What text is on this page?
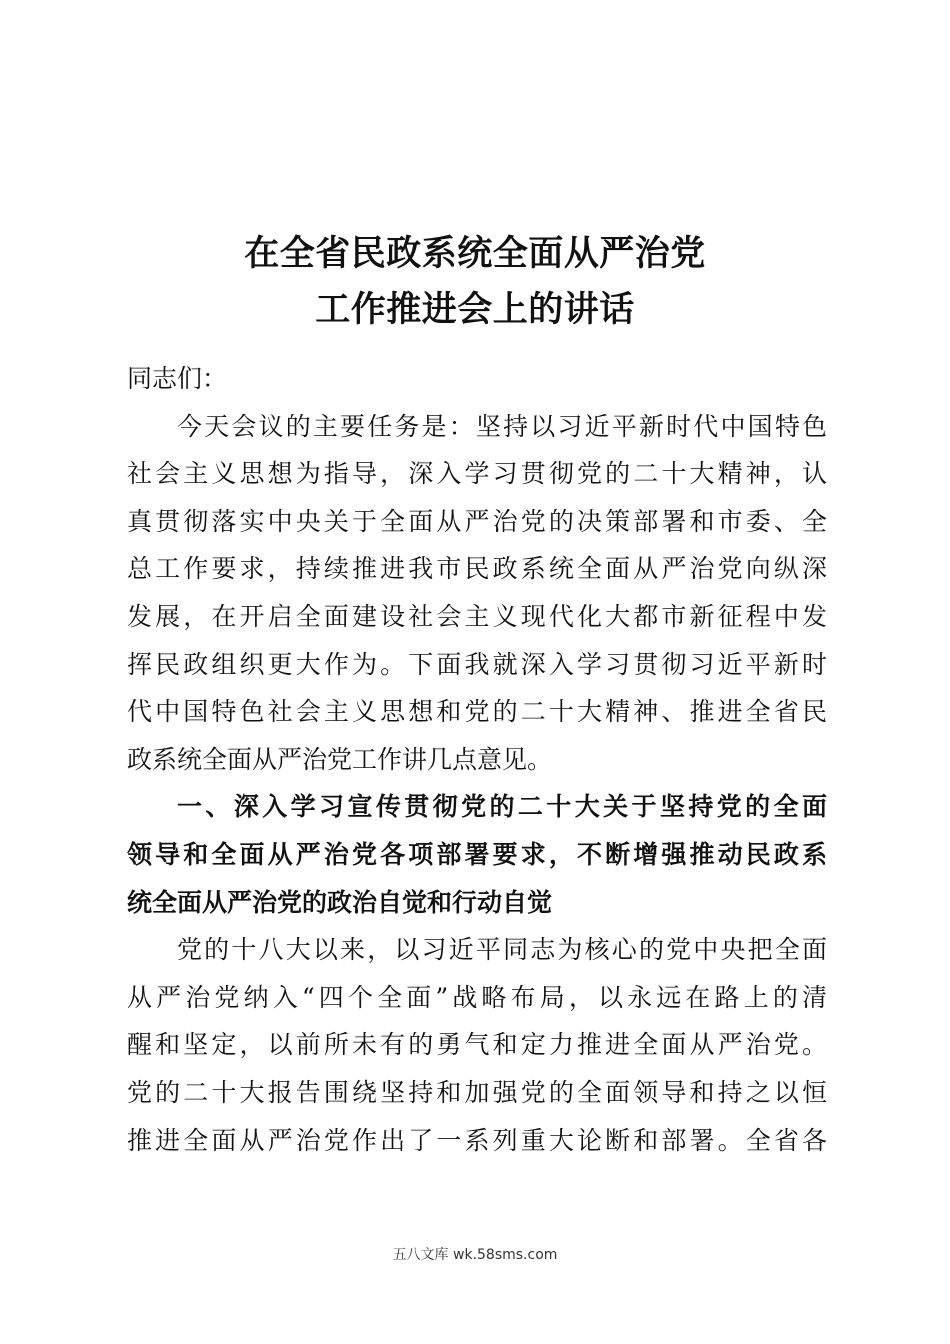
在全省民政系统全面从严治党
工作推进会上的讲话
同志们：
今天会议的主要任务是：坚持以习近平新时代中国特色
社会主义思想为指导，深入学习贯彻党的二十大精神，认
真贯彻落实中央关于全面从严治党的决策部署和市委、全
总工作要求，持续推进我市民政系统全面从严治党向纵深
发展，在开启全面建设社会主义现代化大都市新征程中发
挥民政组织更大作为。下面我就深入学习贯彻习近平新时
代中国特色社会主义思想和党的二十大精神、推进全省民
政系统全面从严治党工作讲几点意见。
一、深入学习宣传贯彻党的二十大关于坚持党的全面
领导和全面从严治党各项部署要求，不断增强推动民政系
统全面从严治党的政治自觉和行动自觉
党的十八大以来，以习近平同志为核心的党中央把全面
从严治党纳入“四个全面”战略布局，以永远在路上的清
醒和坚定，以前所未有的勇气和定力推进全面从严治党。
党的二十大报告围绕坚持和加强党的全面领导和持之以恒
推进全面从严治党作出了一系列重大论断和部署。全省各
五八文库 wk.58sms.com
